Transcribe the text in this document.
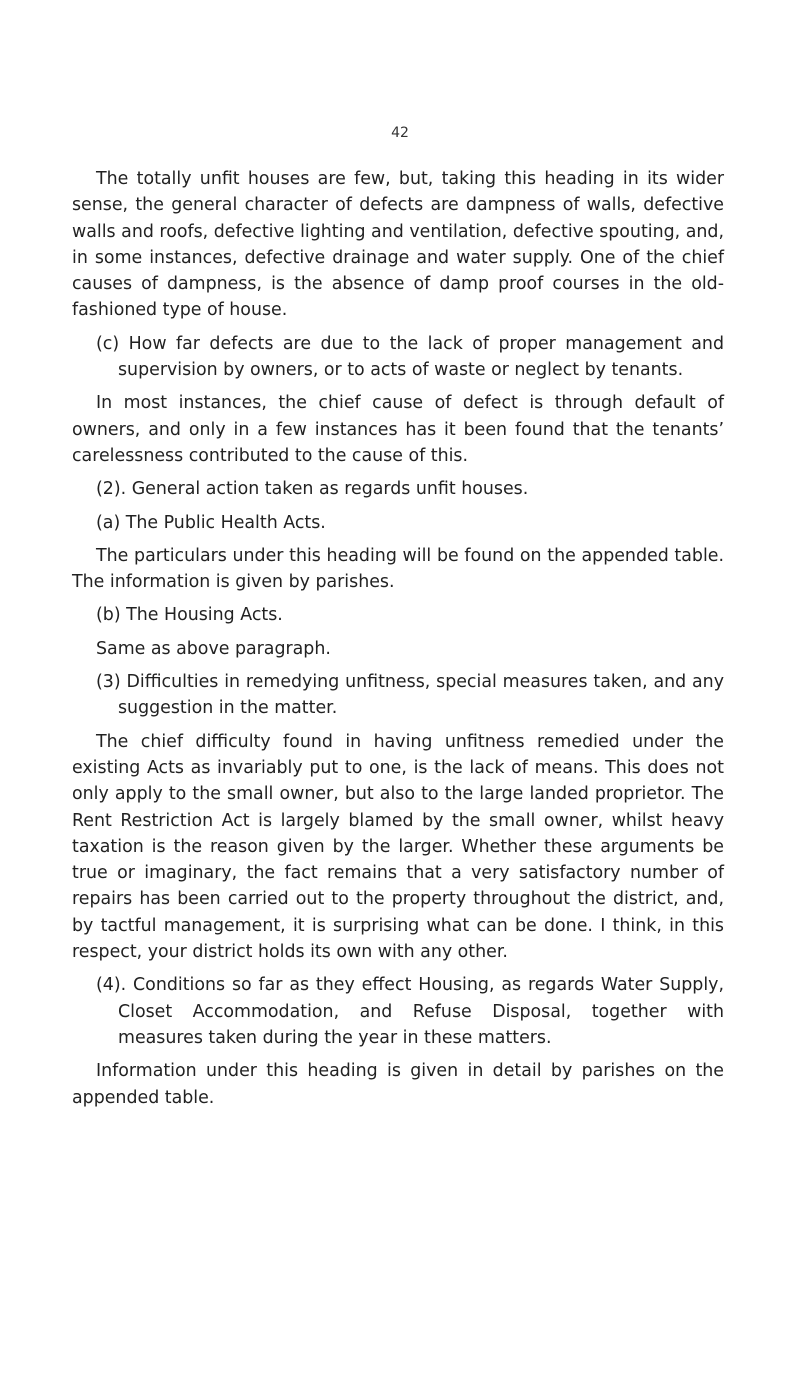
42

The totally unfit houses are few, but, taking this heading in its wider sense, the general character of defects are dampness of walls, defective walls and roofs, defective lighting and ventilation, defective spouting, and, in some instances, defective drainage and water supply. One of the chief causes of dampness, is the absence of damp proof courses in the old-fashioned type of house.

(c) How far defects are due to the lack of proper management and supervision by owners, or to acts of waste or neglect by tenants.

In most instances, the chief cause of defect is through default of owners, and only in a few instances has it been found that the tenants’ carelessness contributed to the cause of this.

(2). General action taken as regards unfit houses.

(a) The Public Health Acts.

The particulars under this heading will be found on the appended table. The information is given by parishes.

(b) The Housing Acts.

Same as above paragraph.

(3) Difficulties in remedying unfitness, special measures taken, and any suggestion in the matter.

The chief difficulty found in having unfitness remedied under the existing Acts as invariably put to one, is the lack of means. This does not only apply to the small owner, but also to the large landed proprietor. The Rent Restriction Act is largely blamed by the small owner, whilst heavy taxation is the reason given by the larger. Whether these arguments be true or imaginary, the fact remains that a very satisfactory number of repairs has been carried out to the property throughout the district, and, by tactful management, it is surprising what can be done. I think, in this respect, your district holds its own with any other.

(4). Conditions so far as they effect Housing, as regards Water Supply, Closet Accommodation, and Refuse Disposal, together with measures taken during the year in these matters.

Information under this heading is given in detail by parishes on the appended table.
